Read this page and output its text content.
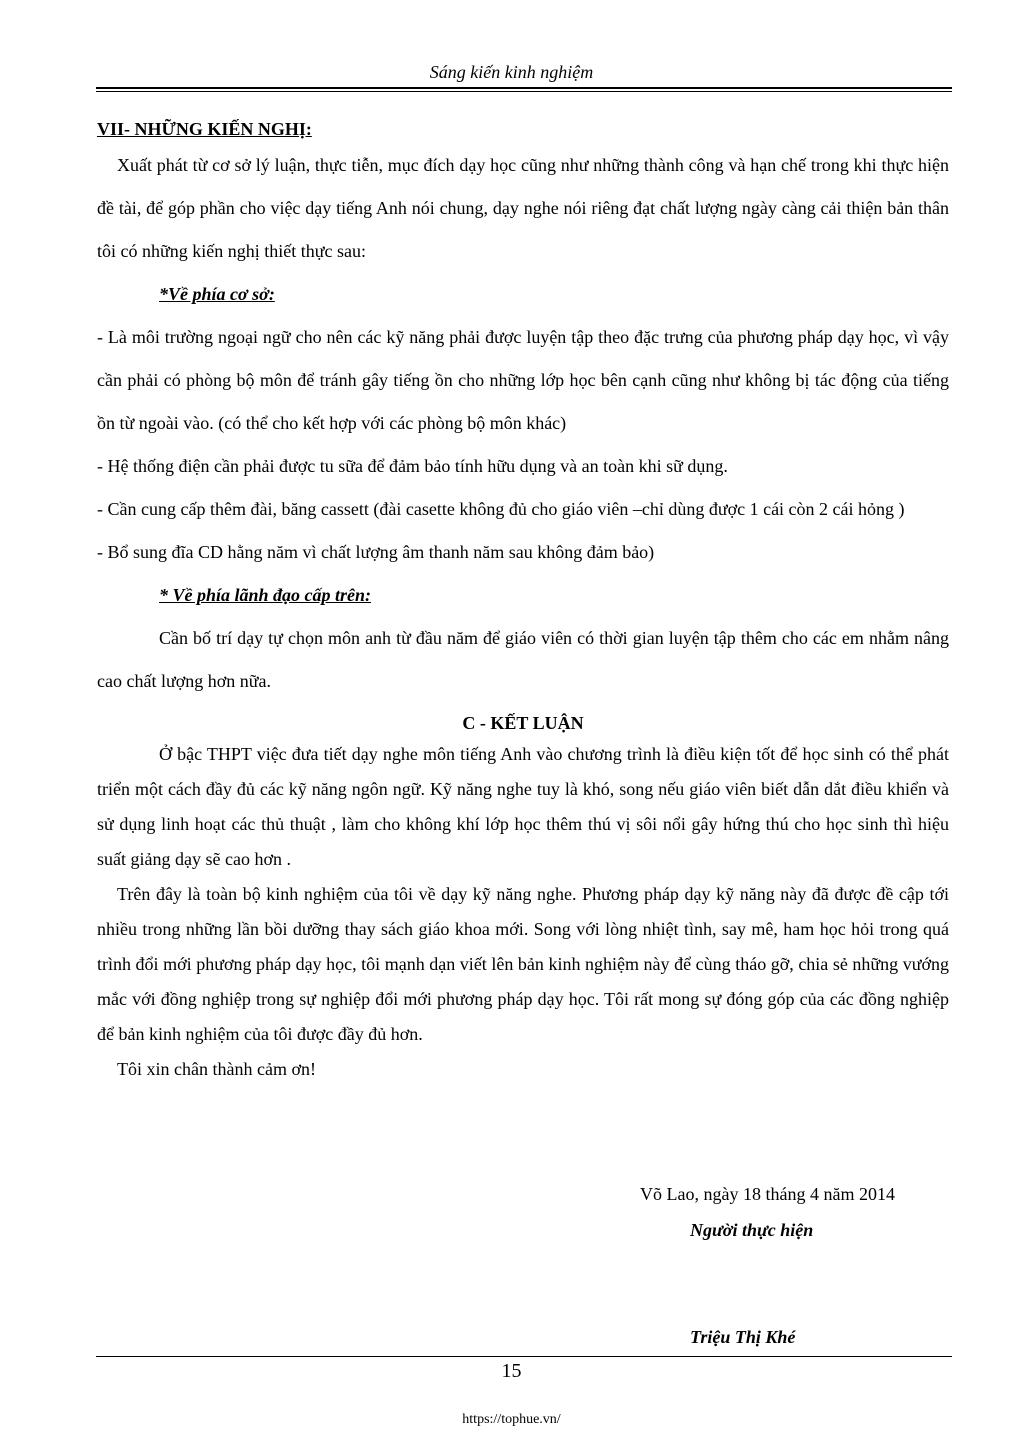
Sáng kiến kinh nghiệm

VII- NHỮNG KIẾN NGHỊ:

Xuất phát từ cơ sở lý luận, thực tiễn, mục đích dạy học cũng như những thành công và hạn chế trong khi thực hiện đề tài, để góp phần cho việc dạy tiếng Anh nói chung, dạy nghe nói riêng đạt chất lượng ngày càng cải thiện bản thân tôi có những kiến nghị thiết thực sau:

*Về phía cơ sở:

- Là môi trường ngoại ngữ cho nên các kỹ năng phải được luyện tập theo đặc trưng của phương pháp dạy học, vì vậy cần phải có phòng bộ môn để tránh gây tiếng ồn cho những lớp học bên cạnh cũng như không bị tác động của tiếng ồn từ ngoài vào. (có thể cho kết hợp với các phòng bộ môn khác)

- Hệ thống điện cần phải được tu sữa để đảm bảo tính hữu dụng và an toàn khi sữ dụng.

- Cần cung cấp thêm đài, băng cassett (đài casette không đủ cho giáo viên –chỉ dùng được 1 cái còn 2 cái hỏng )

- Bổ sung đĩa CD hằng năm vì chất lượng âm thanh năm sau không đảm bảo)

* Về phía lãnh đạo cấp trên:

Cần bố trí dạy tự chọn môn anh từ đầu năm để giáo viên có thời gian luyện tập thêm cho các em nhằm nâng cao chất lượng hơn nữa.

C - KẾT LUẬN

Ở bậc THPT việc đưa tiết dạy nghe môn tiếng Anh vào chương trình là điều kiện tốt để học sinh có thể phát triển một cách đầy đủ các kỹ năng ngôn ngữ. Kỹ năng nghe tuy là khó, song nếu giáo viên biết dẫn dắt điều khiển và sử dụng linh hoạt các thủ thuật , làm cho không khí lớp học thêm thú vị sôi nổi gây hứng thú cho học sinh thì hiệu suất giảng dạy sẽ cao hơn .

Trên đây là toàn bộ kinh nghiệm của tôi về dạy kỹ năng nghe. Phương pháp dạy kỹ năng này đã được đề cập tới nhiều trong những lần bồi dưỡng thay sách giáo khoa mới. Song với lòng nhiệt tình, say mê, ham học hỏi trong quá trình đổi mới phương pháp dạy học, tôi mạnh dạn viết lên bản kinh nghiệm này để cùng tháo gỡ, chia sẻ những vướng mắc với đồng nghiệp trong sự nghiệp đổi mới phương pháp dạy học. Tôi rất mong sự đóng góp của các đồng nghiệp để bản kinh nghiệm của tôi được đầy đủ hơn.

Tôi xin chân thành cảm ơn!

Võ Lao, ngày 18 tháng 4 năm 2014
Người thực hiện
Triệu Thị Khé
15
https://tophue.vn/
